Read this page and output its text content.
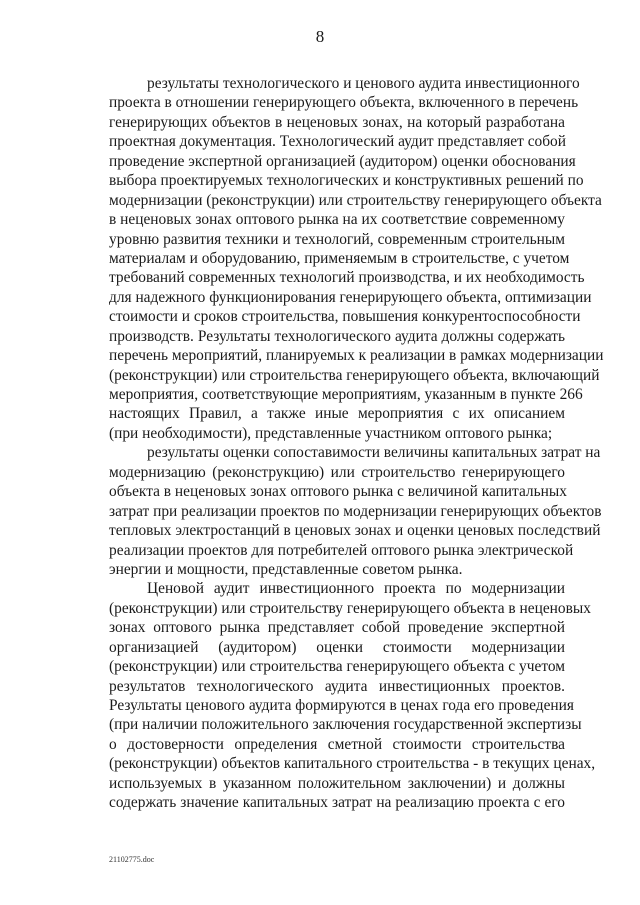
8
результаты технологического и ценового аудита инвестиционного
проекта в отношении генерирующего объекта, включенного в перечень
генерирующих объектов в неценовых зонах, на который разработана
проектная документация. Технологический аудит представляет собой
проведение экспертной организацией (аудитором) оценки обоснования
выбора проектируемых технологических и конструктивных решений по
модернизации (реконструкции) или строительству генерирующего объекта
в неценовых зонах оптового рынка на их соответствие современному
уровню развития техники и технологий, современным строительным
материалам и оборудованию, применяемым в строительстве, с учетом
требований современных технологий производства, и их необходимость
для надежного функционирования генерирующего объекта, оптимизации
стоимости и сроков строительства, повышения конкурентоспособности
производств. Результаты технологического аудита должны содержать
перечень мероприятий, планируемых к реализации в рамках модернизации
(реконструкции) или строительства генерирующего объекта, включающий
мероприятия, соответствующие мероприятиям, указанным в пункте 266
настоящих Правил, а также иные мероприятия с их описанием
(при необходимости), представленные участником оптового рынка;
результаты оценки сопоставимости величины капитальных затрат на
модернизацию (реконструкцию) или строительство генерирующего
объекта в неценовых зонах оптового рынка с величиной капитальных
затрат при реализации проектов по модернизации генерирующих объектов
тепловых электростанций в ценовых зонах и оценки ценовых последствий
реализации проектов для потребителей оптового рынка электрической
энергии и мощности, представленные советом рынка.
Ценовой аудит инвестиционного проекта по модернизации
(реконструкции) или строительству генерирующего объекта в неценовых
зонах оптового рынка представляет собой проведение экспертной
организацией (аудитором) оценки стоимости модернизации
(реконструкции) или строительства генерирующего объекта с учетом
результатов технологического аудита инвестиционных проектов.
Результаты ценового аудита формируются в ценах года его проведения
(при наличии положительного заключения государственной экспертизы
о достоверности определения сметной стоимости строительства
(реконструкции) объектов капитального строительства - в текущих ценах,
используемых в указанном положительном заключении) и должны
содержать значение капитальных затрат на реализацию проекта с его
21102775.doc
